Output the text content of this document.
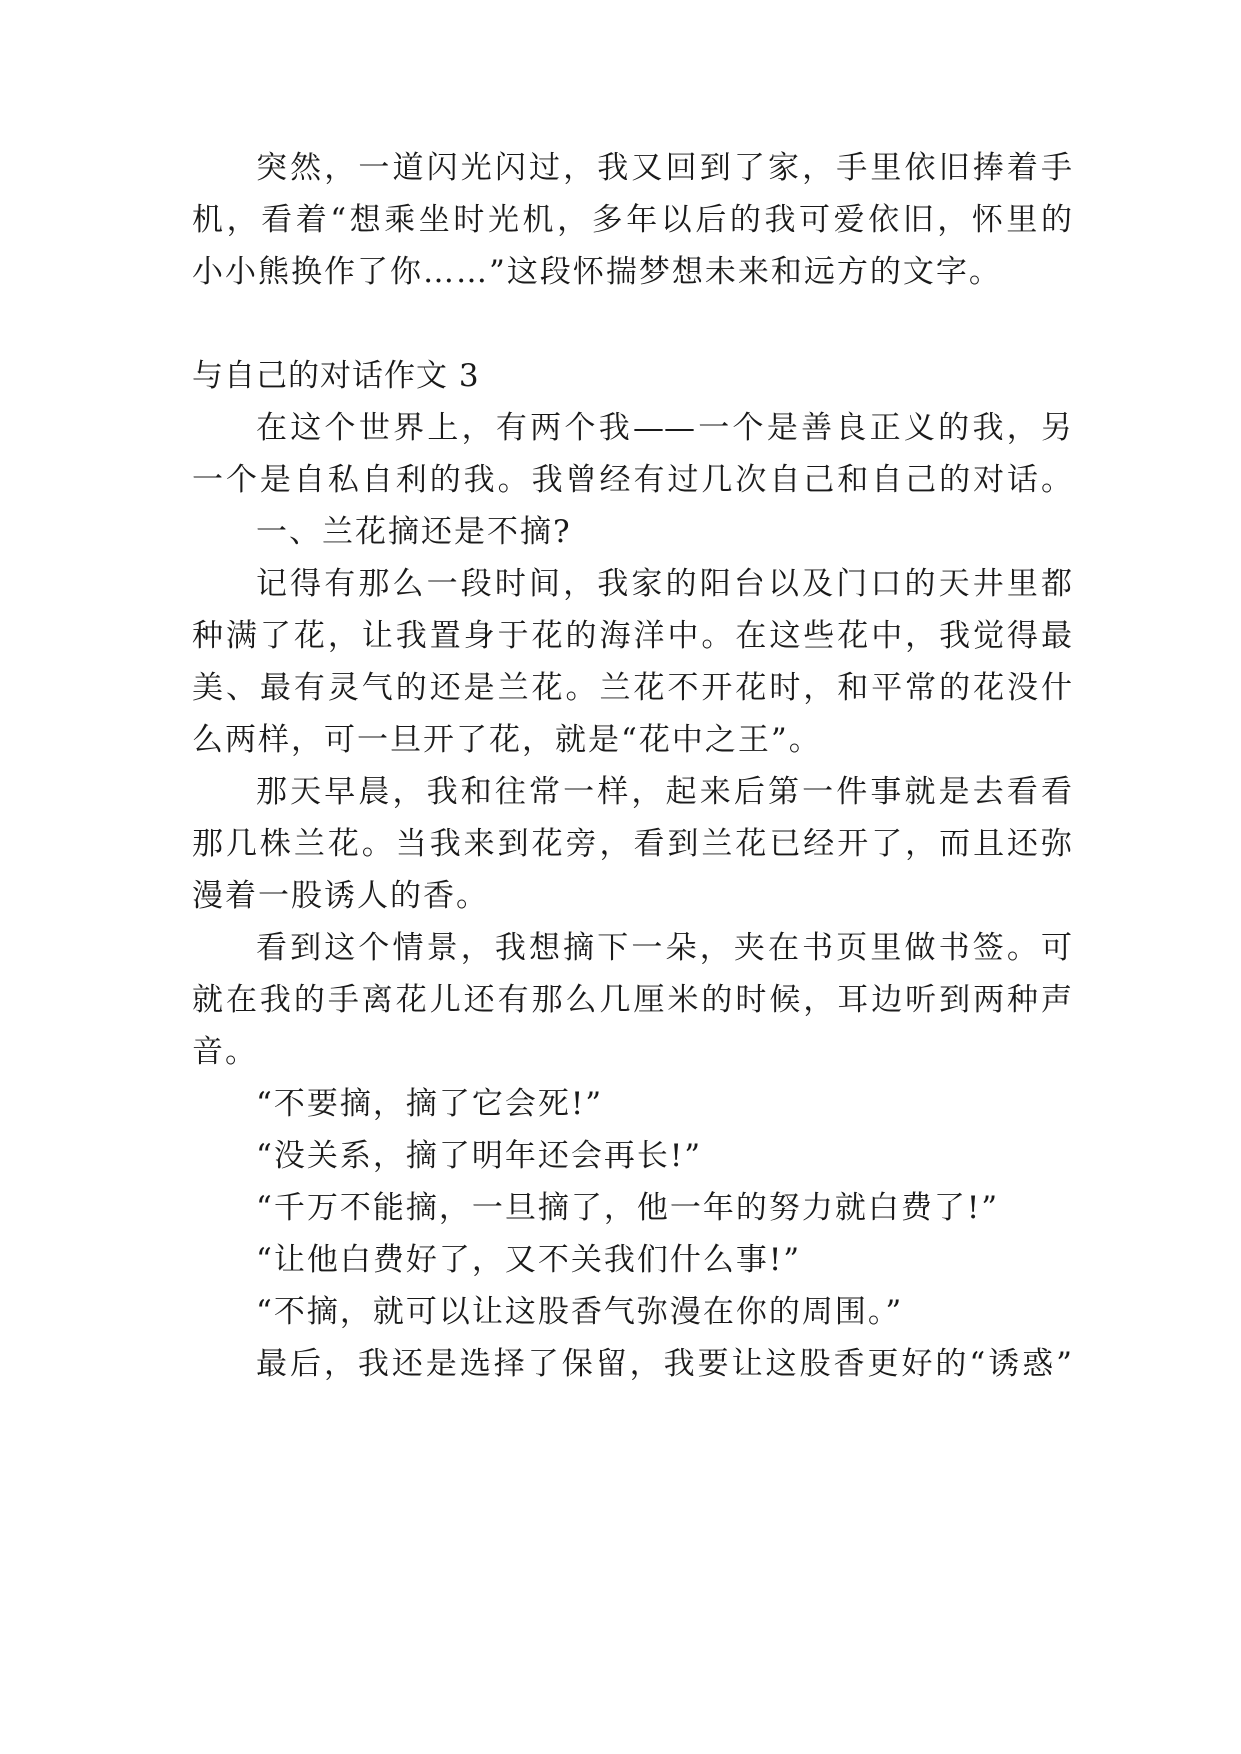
突然，一道闪光闪过，我又回到了家，手里依旧捧着手
机，看着“想乘坐时光机，多年以后的我可爱依旧，怀里的
小小熊换作了你……”这段怀揣梦想未来和远方的文字。
与自己的对话作文 3
在这个世界上，有两个我——一个是善良正义的我，另
一个是自私自利的我。我曾经有过几次自己和自己的对话。
一、兰花摘还是不摘?
记得有那么一段时间，我家的阳台以及门口的天井里都
种满了花，让我置身于花的海洋中。在这些花中，我觉得最
美、最有灵气的还是兰花。兰花不开花时，和平常的花没什
么两样，可一旦开了花，就是“花中之王”。
那天早晨，我和往常一样，起来后第一件事就是去看看
那几株兰花。当我来到花旁，看到兰花已经开了，而且还弥
漫着一股诱人的香。
看到这个情景，我想摘下一朵，夹在书页里做书签。可
就在我的手离花儿还有那么几厘米的时候，耳边听到两种声
音。
“不要摘，摘了它会死!”
“没关系，摘了明年还会再长!”
“千万不能摘，一旦摘了，他一年的努力就白费了!”
“让他白费好了，又不关我们什么事!”
“不摘，就可以让这股香气弥漫在你的周围。”
最后，我还是选择了保留，我要让这股香更好的“诱惑”
